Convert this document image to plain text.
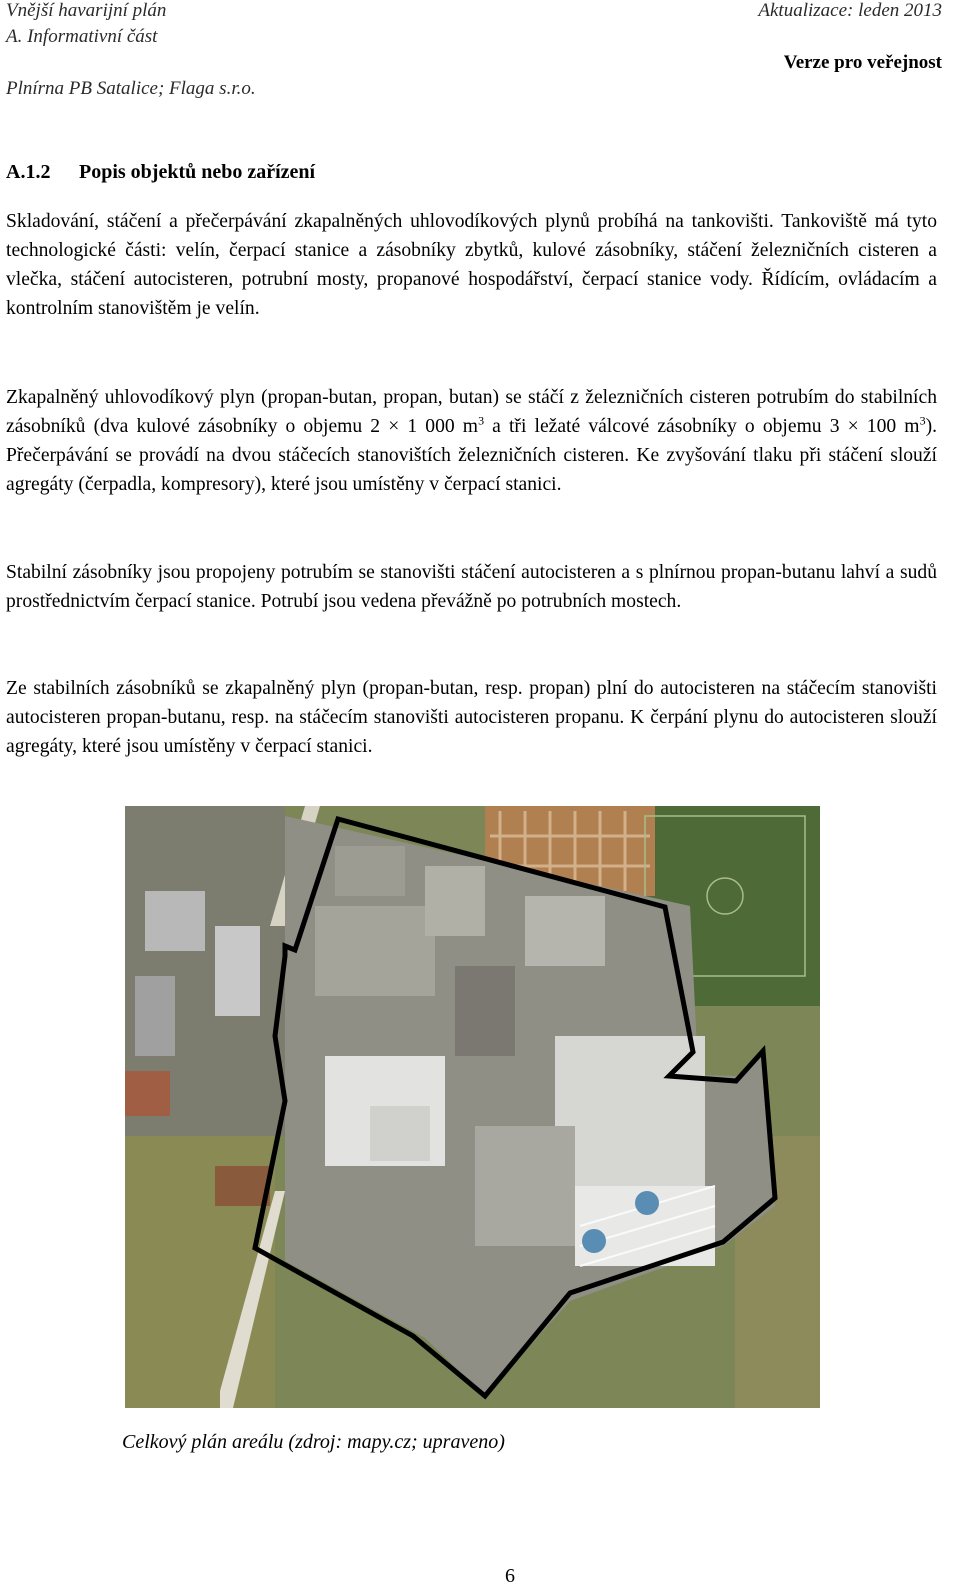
Vnější havarijní plán
A. Informativní část
Plnírna PB Satalice; Flaga s.r.o.
Aktualizace: leden 2013
Verze pro veřejnost
A.1.2 Popis objektů nebo zařízení

Skladování, stáčení a přečerpávání zkapalněných uhlovodíkových plynů probíhá na tankovišti. Tankoviště má tyto technologické části: velín, čerpací stanice a zásobníky zbytků, kulové zásobníky, stáčení železničních cisteren a vlečka, stáčení autocisteren, potrubní mosty, propanové hospodářství, čerpací stanice vody. Řídícím, ovládacím a kontrolním stanovištěm je velín.

Zkapalněný uhlovodíkový plyn (propan-butan, propan, butan) se stáčí z železničních cisteren potrubím do stabilních zásobníků (dva kulové zásobníky o objemu 2 × 1 000 $m^3$ a tři ležaté válcové zásobníky o objemu 3 × 100 $m^3$). Přečerpávání se provádí na dvou stáčecích stanovištích železničních cisteren. Ke zvyšování tlaku při stáčení slouží agregáty (čerpadla, kompresory), které jsou umístěny v čerpací stanici.

Stabilní zásobníky jsou propojeny potrubím se stanovišti stáčení autocisteren a s plnírnou propan-butanu lahví a sudů prostřednictvím čerpací stanice. Potrubí jsou vedena převážně po potrubních mostech.

Ze stabilních zásobníků se zkapalněný plyn (propan-butan, resp. propan) plní do autocisteren na stáčecím stanovišti autocisteren propan-butanu, resp. na stáčecím stanovišti autocisteren propanu. K čerpání plynu do autocisteren slouží agregáty, které jsou umístěny v čerpací stanici.

Celkový plán areálu (zdroj: mapy.cz; upraveno)
6
